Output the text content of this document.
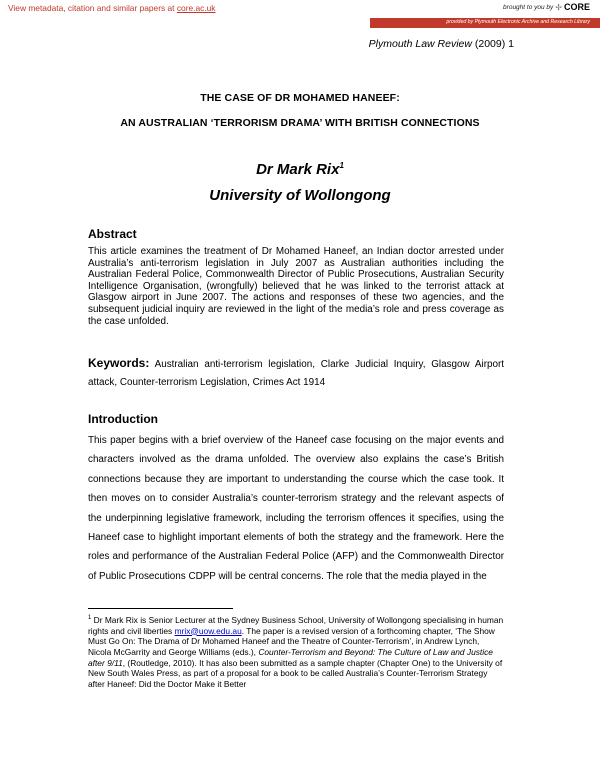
View metadata, citation and similar papers at core.ac.uk	brought to you by ✢ CORE
provided by Plymouth Electronic Archive and Research Library
Plymouth Law Review (2009) 1
THE CASE OF DR MOHAMED HANEEF:
AN AUSTRALIAN ‘TERRORISM DRAMA’ WITH BRITISH CONNECTIONS
Dr Mark Rix$^1$
University of Wollongong
Abstract

This article examines the treatment of Dr Mohamed Haneef, an Indian doctor arrested under Australia’s anti-terrorism legislation in July 2007 as Australian authorities including the Australian Federal Police, Commonwealth Director of Public Prosecutions, Australian Security Intelligence Organisation, (wrongfully) believed that he was linked to the terrorist attack at Glasgow airport in June 2007. The actions and responses of these two agencies, and the subsequent judicial inquiry are reviewed in the light of the media’s role and press coverage as the case unfolded.

Keywords: Australian anti-terrorism legislation, Clarke Judicial Inquiry, Glasgow Airport attack, Counter-terrorism Legislation, Crimes Act 1914

Introduction

This paper begins with a brief overview of the Haneef case focusing on the major events and characters involved as the drama unfolded. The overview also explains the case’s British connections because they are important to understanding the course which the case took. It then moves on to consider Australia’s counter-terrorism strategy and the relevant aspects of the underpinning legislative framework, including the terrorism offences it specifies, using the Haneef case to highlight important elements of both the strategy and the framework. Here the roles and performance of the Australian Federal Police (AFP) and the Commonwealth Director of Public Prosecutions CDPP will be central concerns. The role that the media played in the

$^1$ Dr Mark Rix is Senior Lecturer at the Sydney Business School, University of Wollongong specialising in human rights and civil liberties mrix@uow.edu.au. The paper is a revised version of a forthcoming chapter, ‘The Show Must Go On: The Drama of Dr Mohamed Haneef and the Theatre of Counter-Terrorism’, in Andrew Lynch, Nicola McGarrity and George Williams (eds.), Counter-Terrorism and Beyond: The Culture of Law and Justice after 9/11, (Routledge, 2010). It has also been submitted as a sample chapter (Chapter One) to the University of New South Wales Press, as part of a proposal for a book to be called Australia’s Counter-Terrorism Strategy after Haneef: Did the Doctor Make it Better
